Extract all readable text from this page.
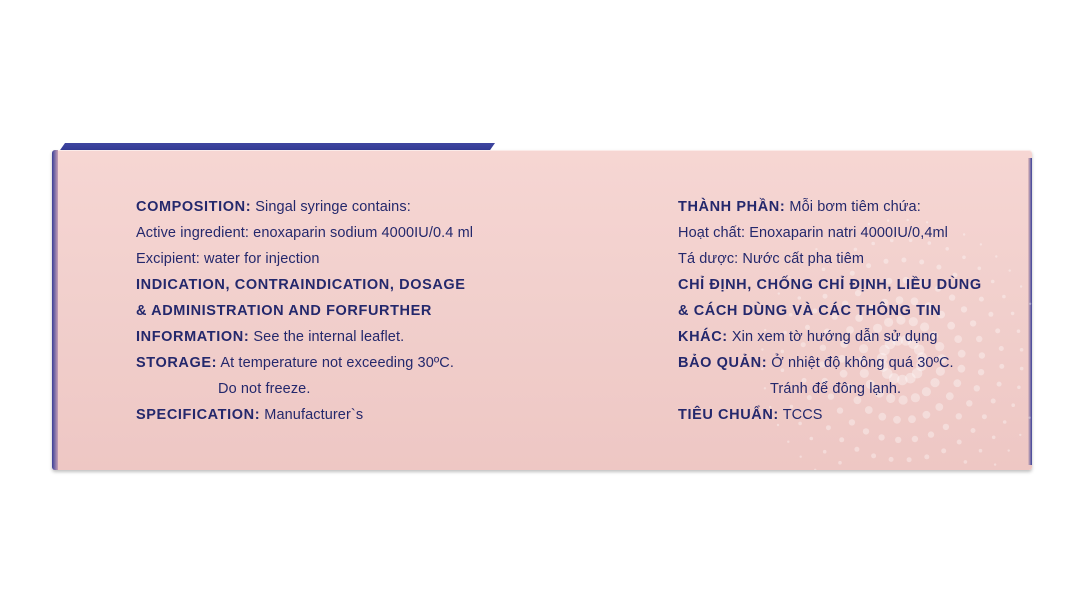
COMPOSITION: Singal syringe contains:
Active ingredient: enoxaparin sodium 4000IU/0.4 ml
Excipient: water for injection
INDICATION, CONTRAINDICATION, DOSAGE
& ADMINISTRATION AND FORFURTHER
INFORMATION: See the internal leaflet.
STORAGE: At temperature not exceeding 30ºC.
Do not freeze.
SPECIFICATION: Manufacturer`s
THÀNH PHẦN: Mỗi bơm tiêm chứa:
Hoạt chất: Enoxaparin natri 4000IU/0,4ml
Tá dược: Nước cất pha tiêm
CHỈ ĐỊNH, CHỐNG CHỈ ĐỊNH, LIỀU DÙNG
& CÁCH DÙNG VÀ CÁC THÔNG TIN
KHÁC: Xin xem tờ hướng dẫn sử dụng
BẢO QUẢN: Ở nhiệt độ không quá 30ºC.
Tránh để đông lạnh.
TIÊU CHUẨN: TCCS
